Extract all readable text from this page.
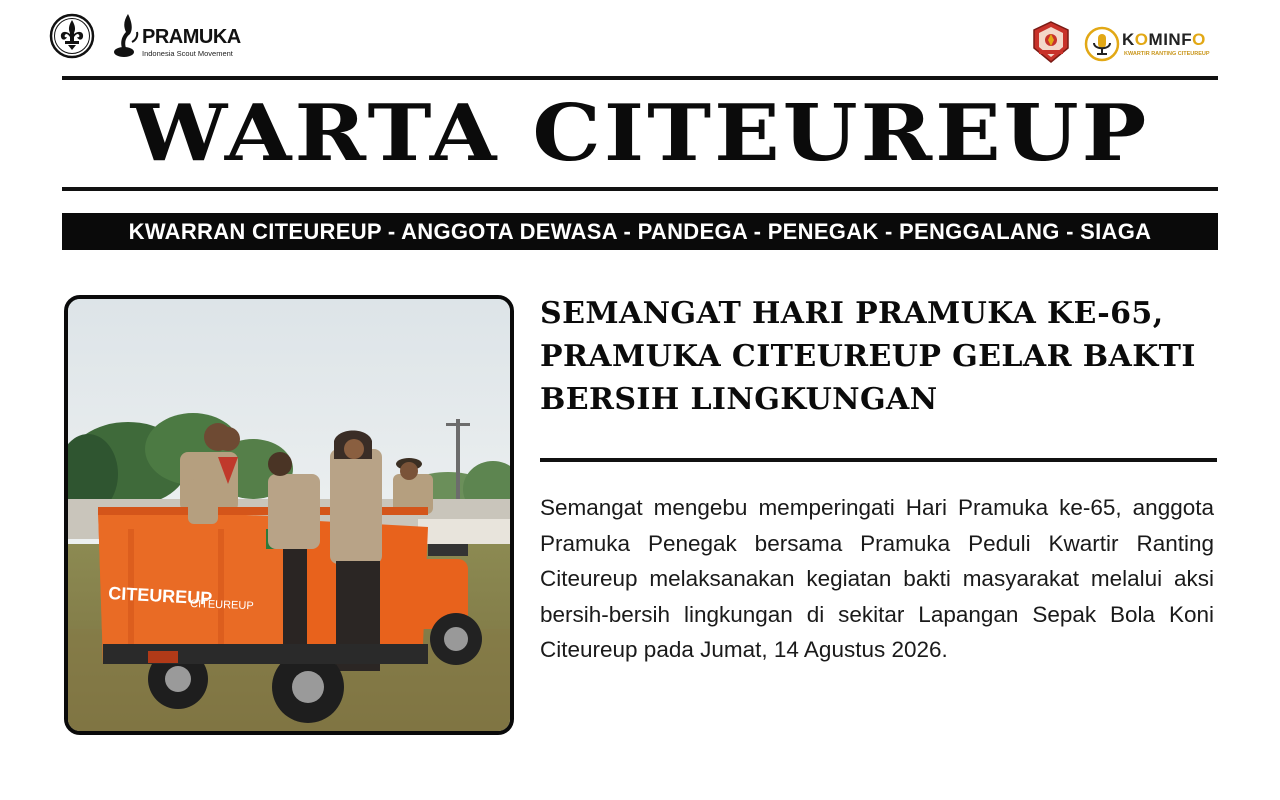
PRAMUKA
Indonesia Scout Movement
KOMINFO
KWARTIR RANTING CITEUREUP
WARTA CITEUREUP
KWARRAN CITEUREUP - ANGGOTA DEWASA - PANDEGA - PENEGAK - PENGGALANG - SIAGA
CITEUREUP
CITEUREUP
SEMANGAT HARI PRAMUKA KE-65, PRAMUKA CITEUREUP GELAR BAKTI BERSIH LINGKUNGAN

Semangat mengebu memperingati Hari Pramuka ke-65, anggota Pramuka Penegak bersama Pramuka Peduli Kwartir Ranting Citeureup melaksanakan kegiatan bakti masyarakat melalui aksi bersih-bersih lingkungan di sekitar Lapangan Sepak Bola Koni Citeureup pada Jumat, 14 Agustus 2026.
